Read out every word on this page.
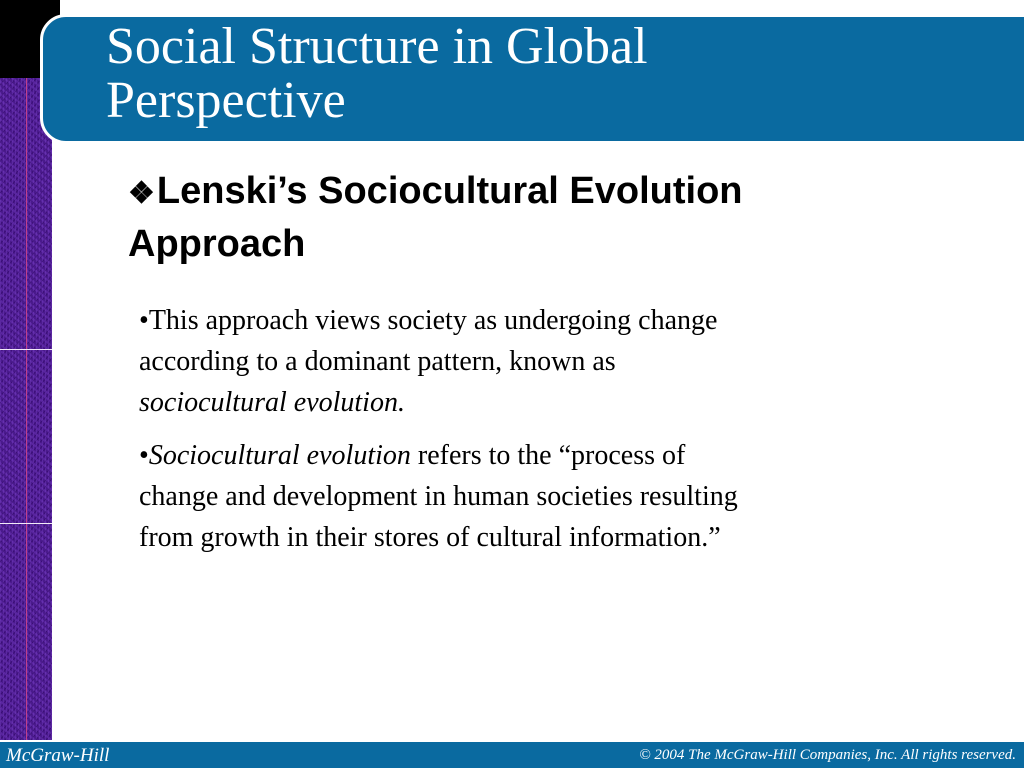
Social Structure in Global
Perspective
❖Lenski’s Sociocultural Evolution
Approach

•This approach views society as undergoing change
according to a dominant pattern, known as
sociocultural evolution.

•Sociocultural evolution refers to the “process of
change and development in human societies resulting
from growth in their stores of cultural information.”

McGraw-Hill	© 2004 The McGraw-Hill Companies, Inc. All rights reserved.
